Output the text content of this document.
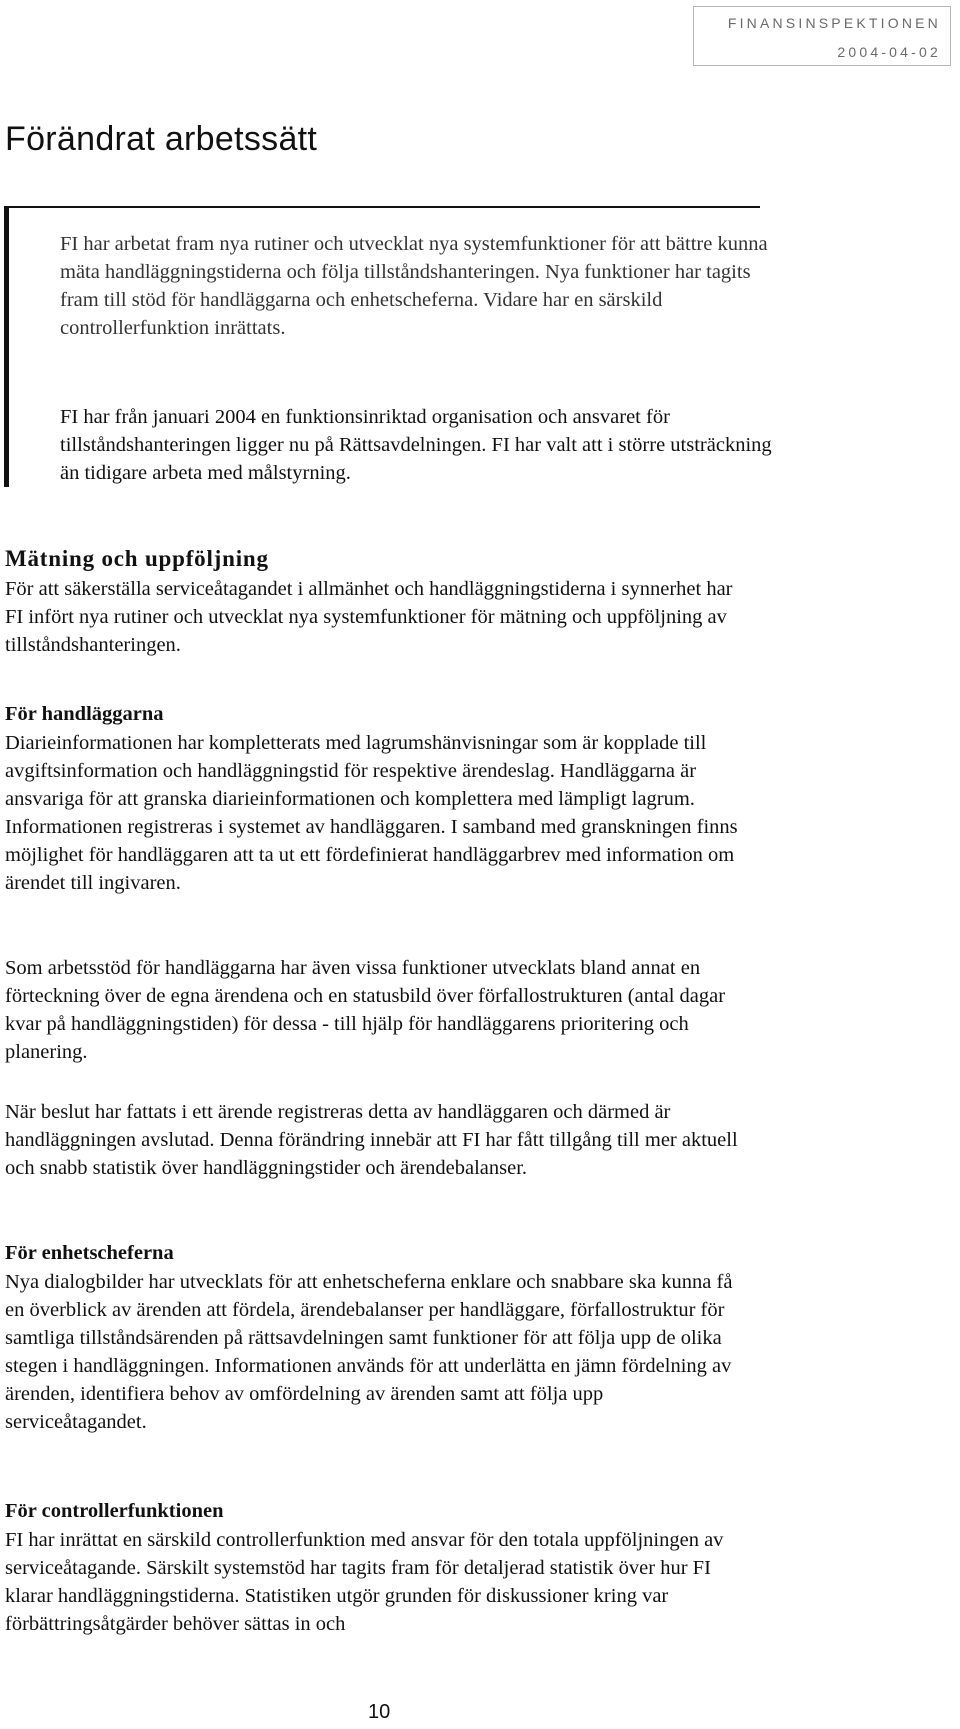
FINANSINSPEKTIONEN
2004-04-02
Förändrat arbetssätt

FI har arbetat fram nya rutiner och utvecklat nya systemfunktioner för att bättre kunna mäta handläggningstiderna och följa tillståndshanteringen. Nya funktioner har tagits fram till stöd för handläggarna och enhetscheferna. Vidare har en särskild controllerfunktion inrättats.

FI har från januari 2004 en funktionsinriktad organisation och ansvaret för tillståndshanteringen ligger nu på Rättsavdelningen. FI har valt att i större utsträckning än tidigare arbeta med målstyrning.

Mätning och uppföljning

För att säkerställa serviceåtagandet i allmänhet och handläggningstiderna i synnerhet har FI infört nya rutiner och utvecklat nya systemfunktioner för mätning och uppföljning av tillståndshanteringen.

För handläggarna

Diarieinformationen har kompletterats med lagrumshänvisningar som är kopplade till avgiftsinformation och handläggningstid för respektive ärendeslag. Handläggarna är ansvariga för att granska diarieinformationen och komplettera med lämpligt lagrum. Informationen registreras i systemet av handläggaren. I samband med granskningen finns möjlighet för handläggaren att ta ut ett fördefinierat handläggarbrev med information om ärendet till ingivaren.

Som arbetsstöd för handläggarna har även vissa funktioner utvecklats bland annat en förteckning över de egna ärendena och en statusbild över förfallostrukturen (antal dagar kvar på handläggningstiden) för dessa - till hjälp för handläggarens prioritering och planering.

När beslut har fattats i ett ärende registreras detta av handläggaren och därmed är handläggningen avslutad. Denna förändring innebär att FI har fått tillgång till mer aktuell och snabb statistik över handläggningstider och ärendebalanser.

För enhetscheferna

Nya dialogbilder har utvecklats för att enhetscheferna enklare och snabbare ska kunna få en överblick av ärenden att fördela, ärendebalanser per handläggare, förfallostruktur för samtliga tillståndsärenden på rättsavdelningen samt funktioner för att följa upp de olika stegen i handläggningen. Informationen används för att underlätta en jämn fördelning av ärenden, identifiera behov av omfördelning av ärenden samt att följa upp serviceåtagandet.

För controllerfunktionen

FI har inrättat en särskild controllerfunktion med ansvar för den totala uppföljningen av serviceåtagande. Särskilt systemstöd har tagits fram för detaljerad statistik över hur FI klarar handläggningstiderna. Statistiken utgör grunden för diskussioner kring var förbättringsåtgärder behöver sättas in och

10
